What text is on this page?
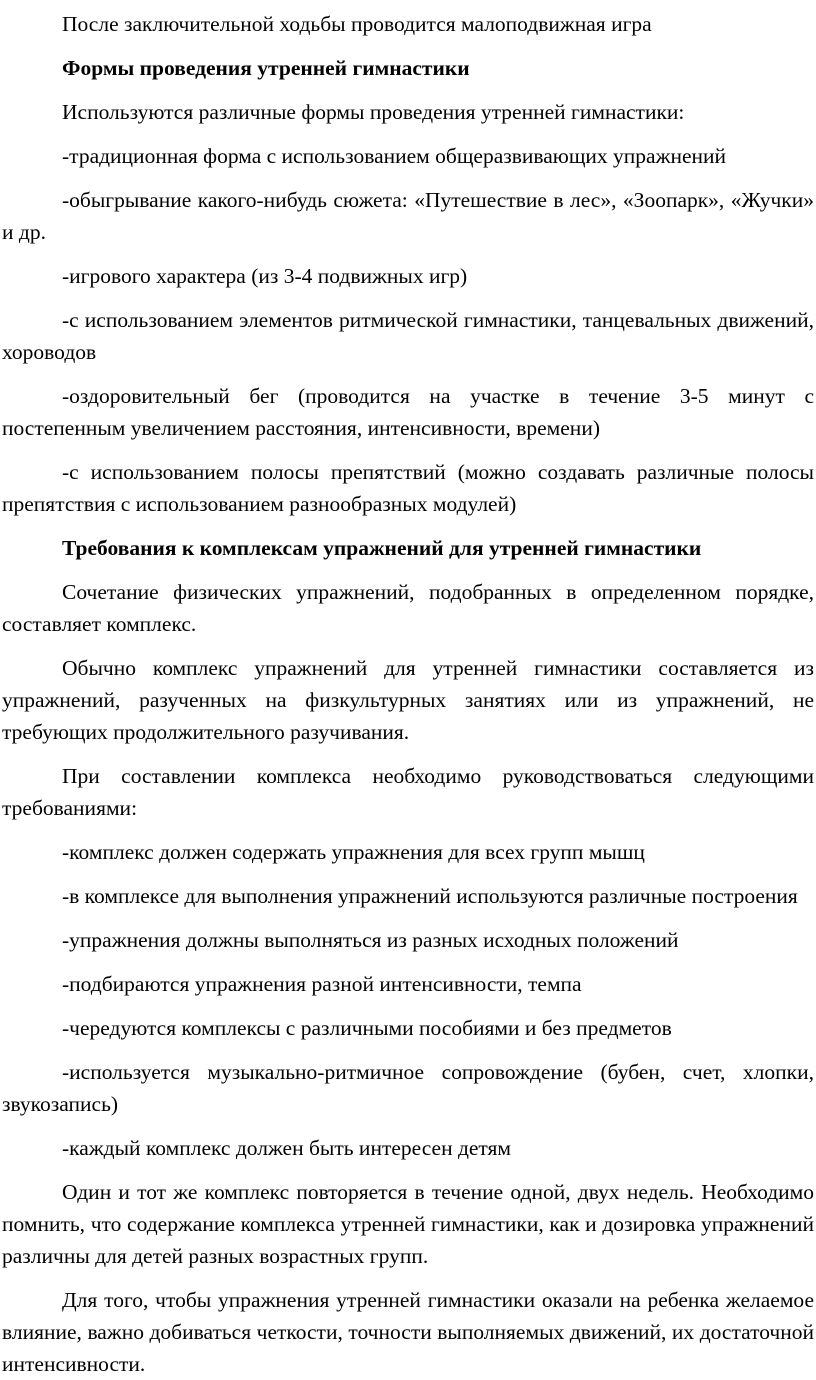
После заключительной ходьбы проводится малоподвижная игра

Формы проведения утренней гимнастики

Используются различные формы проведения утренней гимнастики:

-традиционная форма с использованием общеразвивающих упражнений

-обыгрывание какого-нибудь сюжета: «Путешествие в лес», «Зоопарк», «Жучки» и др.

-игрового характера (из 3-4 подвижных игр)

-с использованием элементов ритмической гимнастики, танцевальных движений, хороводов

-оздоровительный бег (проводится на участке в течение 3-5 минут с постепенным увеличением расстояния, интенсивности, времени)

-с использованием полосы препятствий (можно создавать различные полосы препятствия с использованием разнообразных модулей)

Требования к комплексам упражнений для утренней гимнастики

Сочетание физических упражнений, подобранных в определенном порядке, составляет комплекс.

Обычно комплекс упражнений для утренней гимнастики составляется из упражнений, разученных на физкультурных занятиях или из упражнений, не требующих продолжительного разучивания.

При составлении комплекса необходимо руководствоваться следующими требованиями:

-комплекс должен содержать упражнения для всех групп мышц

-в комплексе для выполнения упражнений используются различные построения

-упражнения должны выполняться из разных исходных положений

-подбираются упражнения разной интенсивности, темпа

-чередуются комплексы с различными пособиями и без предметов

-используется музыкально-ритмичное сопровождение (бубен, счет, хлопки, звукозапись)

-каждый комплекс должен быть интересен детям

Один и тот же комплекс повторяется в течение одной, двух недель. Необходимо помнить, что содержание комплекса утренней гимнастики, как и дозировка упражнений различны для детей разных возрастных групп.

Для того, чтобы упражнения утренней гимнастики оказали на ребенка желаемое влияние, важно добиваться четкости, точности выполняемых движений, их достаточной интенсивности.
